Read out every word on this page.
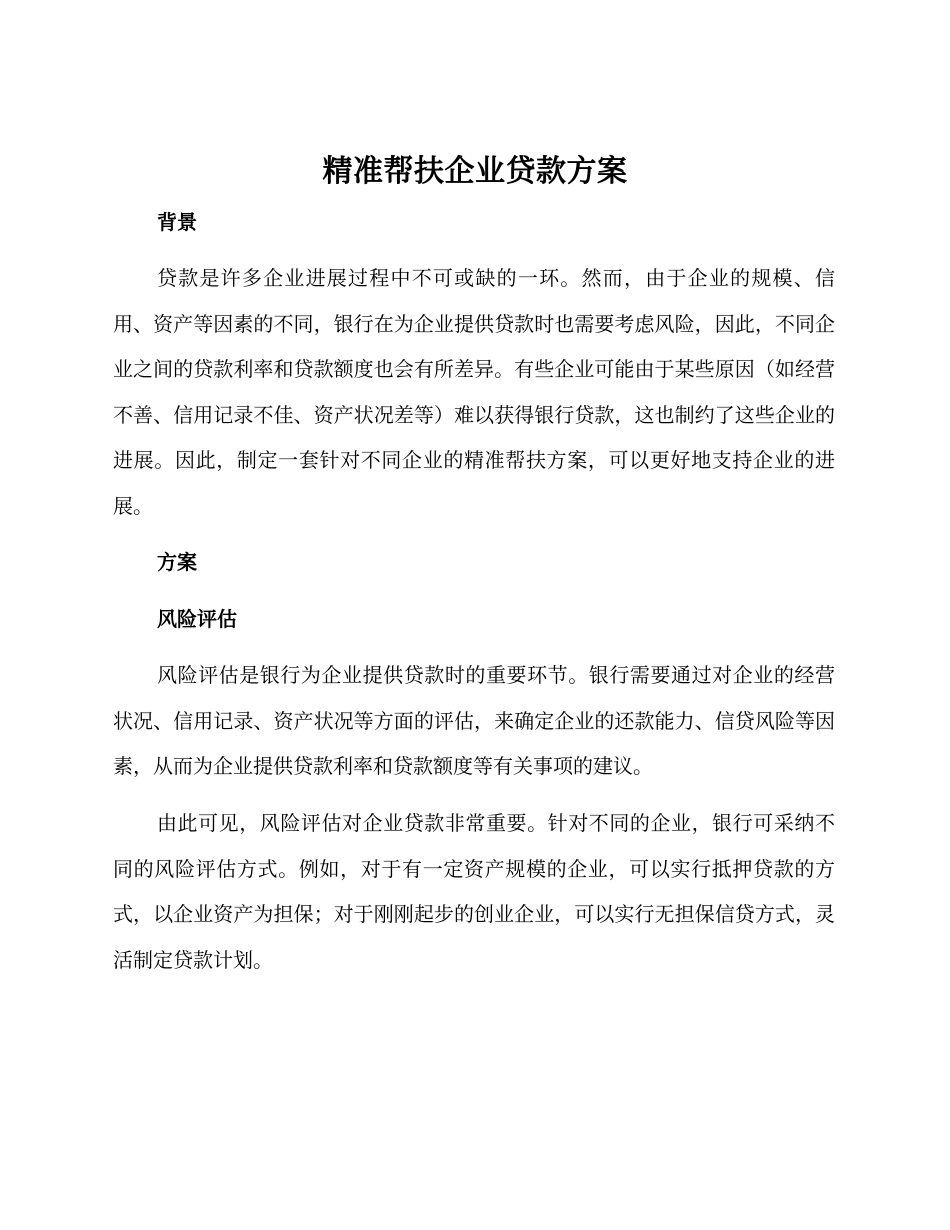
精准帮扶企业贷款方案
背景

贷款是许多企业进展过程中不可或缺的一环。然而，由于企业的规模、信用、资产等因素的不同，银行在为企业提供贷款时也需要考虑风险，因此，不同企业之间的贷款利率和贷款额度也会有所差异。有些企业可能由于某些原因（如经营不善、信用记录不佳、资产状况差等）难以获得银行贷款，这也制约了这些企业的进展。因此，制定一套针对不同企业的精准帮扶方案，可以更好地支持企业的进展。

方案
风险评估

风险评估是银行为企业提供贷款时的重要环节。银行需要通过对企业的经营状况、信用记录、资产状况等方面的评估，来确定企业的还款能力、信贷风险等因素，从而为企业提供贷款利率和贷款额度等有关事项的建议。

由此可见，风险评估对企业贷款非常重要。针对不同的企业，银行可采纳不同的风险评估方式。例如，对于有一定资产规模的企业，可以实行抵押贷款的方式，以企业资产为担保；对于刚刚起步的创业企业，可以实行无担保信贷方式，灵活制定贷款计划。
